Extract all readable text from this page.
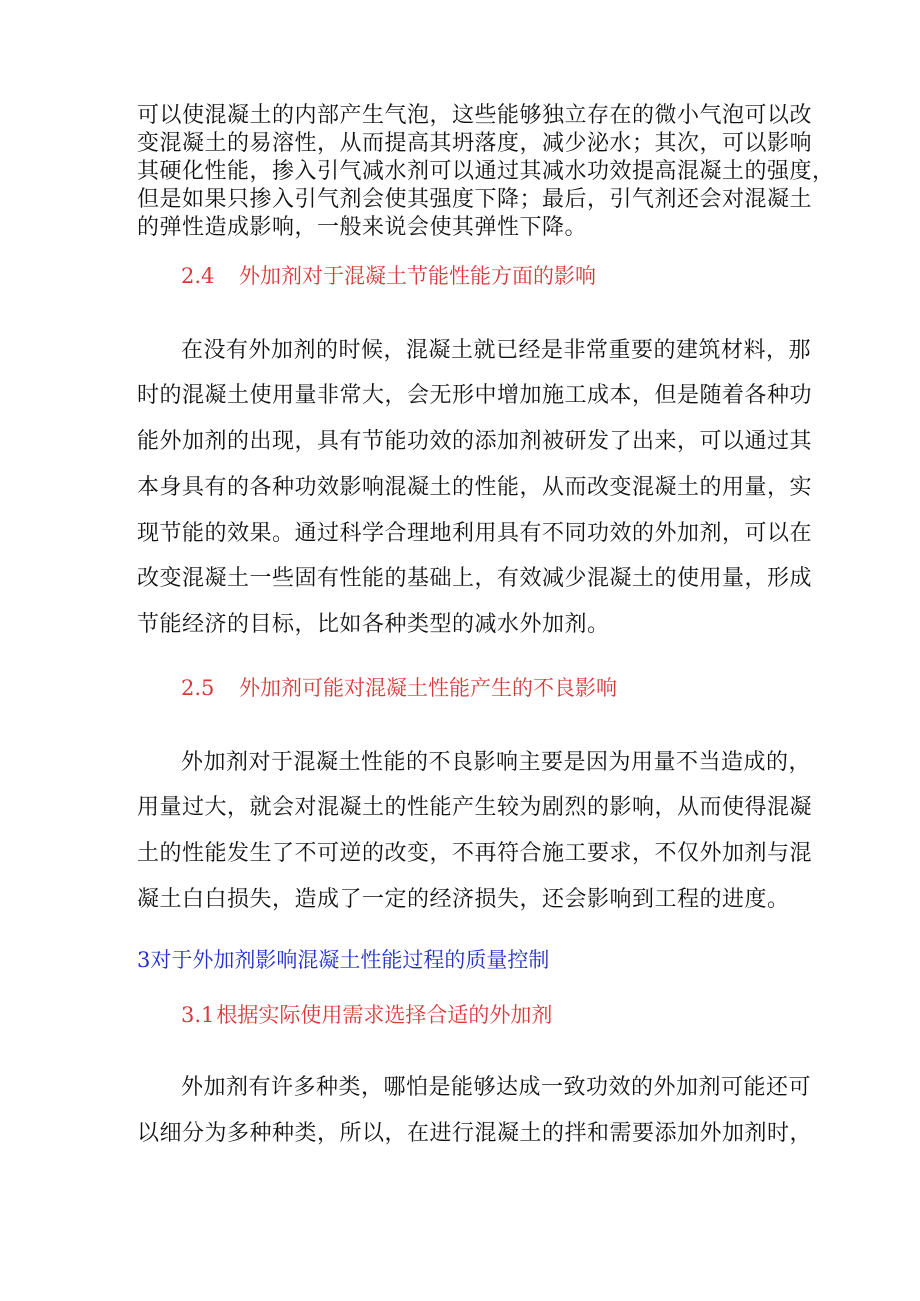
可以使混凝土的内部产生气泡，这些能够独立存在的微小气泡可以改
变混凝土的易溶性，从而提高其坍落度，减少泌水；其次，可以影响
其硬化性能，掺入引气减水剂可以通过其减水功效提高混凝土的强度，
但是如果只掺入引气剂会使其强度下降；最后，引气剂还会对混凝土
的弹性造成影响，一般来说会使其弹性下降。
2.4 外加剂对于混凝土节能性能方面的影响
在没有外加剂的时候，混凝土就已经是非常重要的建筑材料，那
时的混凝土使用量非常大，会无形中增加施工成本，但是随着各种功
能外加剂的出现，具有节能功效的添加剂被研发了出来，可以通过其
本身具有的各种功效影响混凝土的性能，从而改变混凝土的用量，实
现节能的效果。通过科学合理地利用具有不同功效的外加剂，可以在
改变混凝土一些固有性能的基础上，有效减少混凝土的使用量，形成
节能经济的目标，比如各种类型的减水外加剂。
2.5 外加剂可能对混凝土性能产生的不良影响
外加剂对于混凝土性能的不良影响主要是因为用量不当造成的，
用量过大，就会对混凝土的性能产生较为剧烈的影响，从而使得混凝
土的性能发生了不可逆的改变，不再符合施工要求，不仅外加剂与混
凝土白白损失，造成了一定的经济损失，还会影响到工程的进度。
3对于外加剂影响混凝土性能过程的质量控制
3.1根据实际使用需求选择合适的外加剂
外加剂有许多种类，哪怕是能够达成一致功效的外加剂可能还可
以细分为多种种类，所以，在进行混凝土的拌和需要添加外加剂时，
